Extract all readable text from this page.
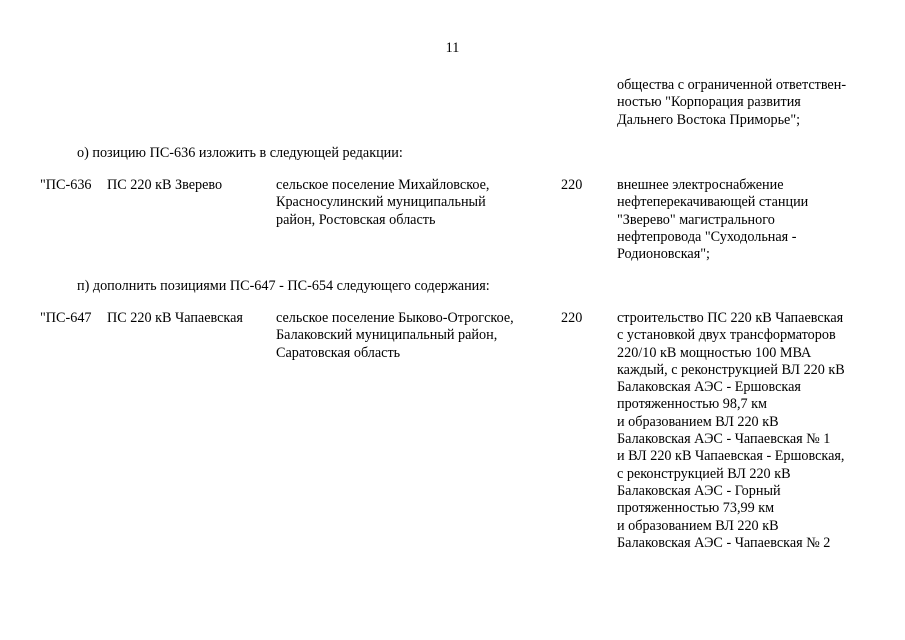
11
общества с ограниченной ответствен-
ностью "Корпорация развития
Дальнего Востока Приморье";
о) позицию ПС-636 изложить в следующей редакции:
"ПС-636 ПС 220 кВ Зверево	сельское поселение Михайловское,
Красносулинский муниципальный
район, Ростовская область
220 внешнее электроснабжение
нефтеперекачивающей станции
"Зверево" магистрального
нефтепровода "Суходольная -
Родионовская";
п) дополнить позициями ПС-647 - ПС-654 следующего содержания:
"ПС-647 ПС 220 кВ Чапаевская сельское поселение Быково-Отрогское,
Балаковский муниципальный район,
Саратовская область
220 строительство ПС 220 кВ Чапаевская
с установкой двух трансформаторов
220/10 кВ мощностью 100 МВА
каждый, с реконструкцией ВЛ 220 кВ
Балаковская АЭС - Ершовская
протяженностью 98,7 км
и образованием ВЛ 220 кВ
Балаковская АЭС - Чапаевская № 1
и ВЛ 220 кВ Чапаевская - Ершовская,
с реконструкцией ВЛ 220 кВ
Балаковская АЭС - Горный
протяженностью 73,99 км
и образованием ВЛ 220 кВ
Балаковская АЭС - Чапаевская № 2
